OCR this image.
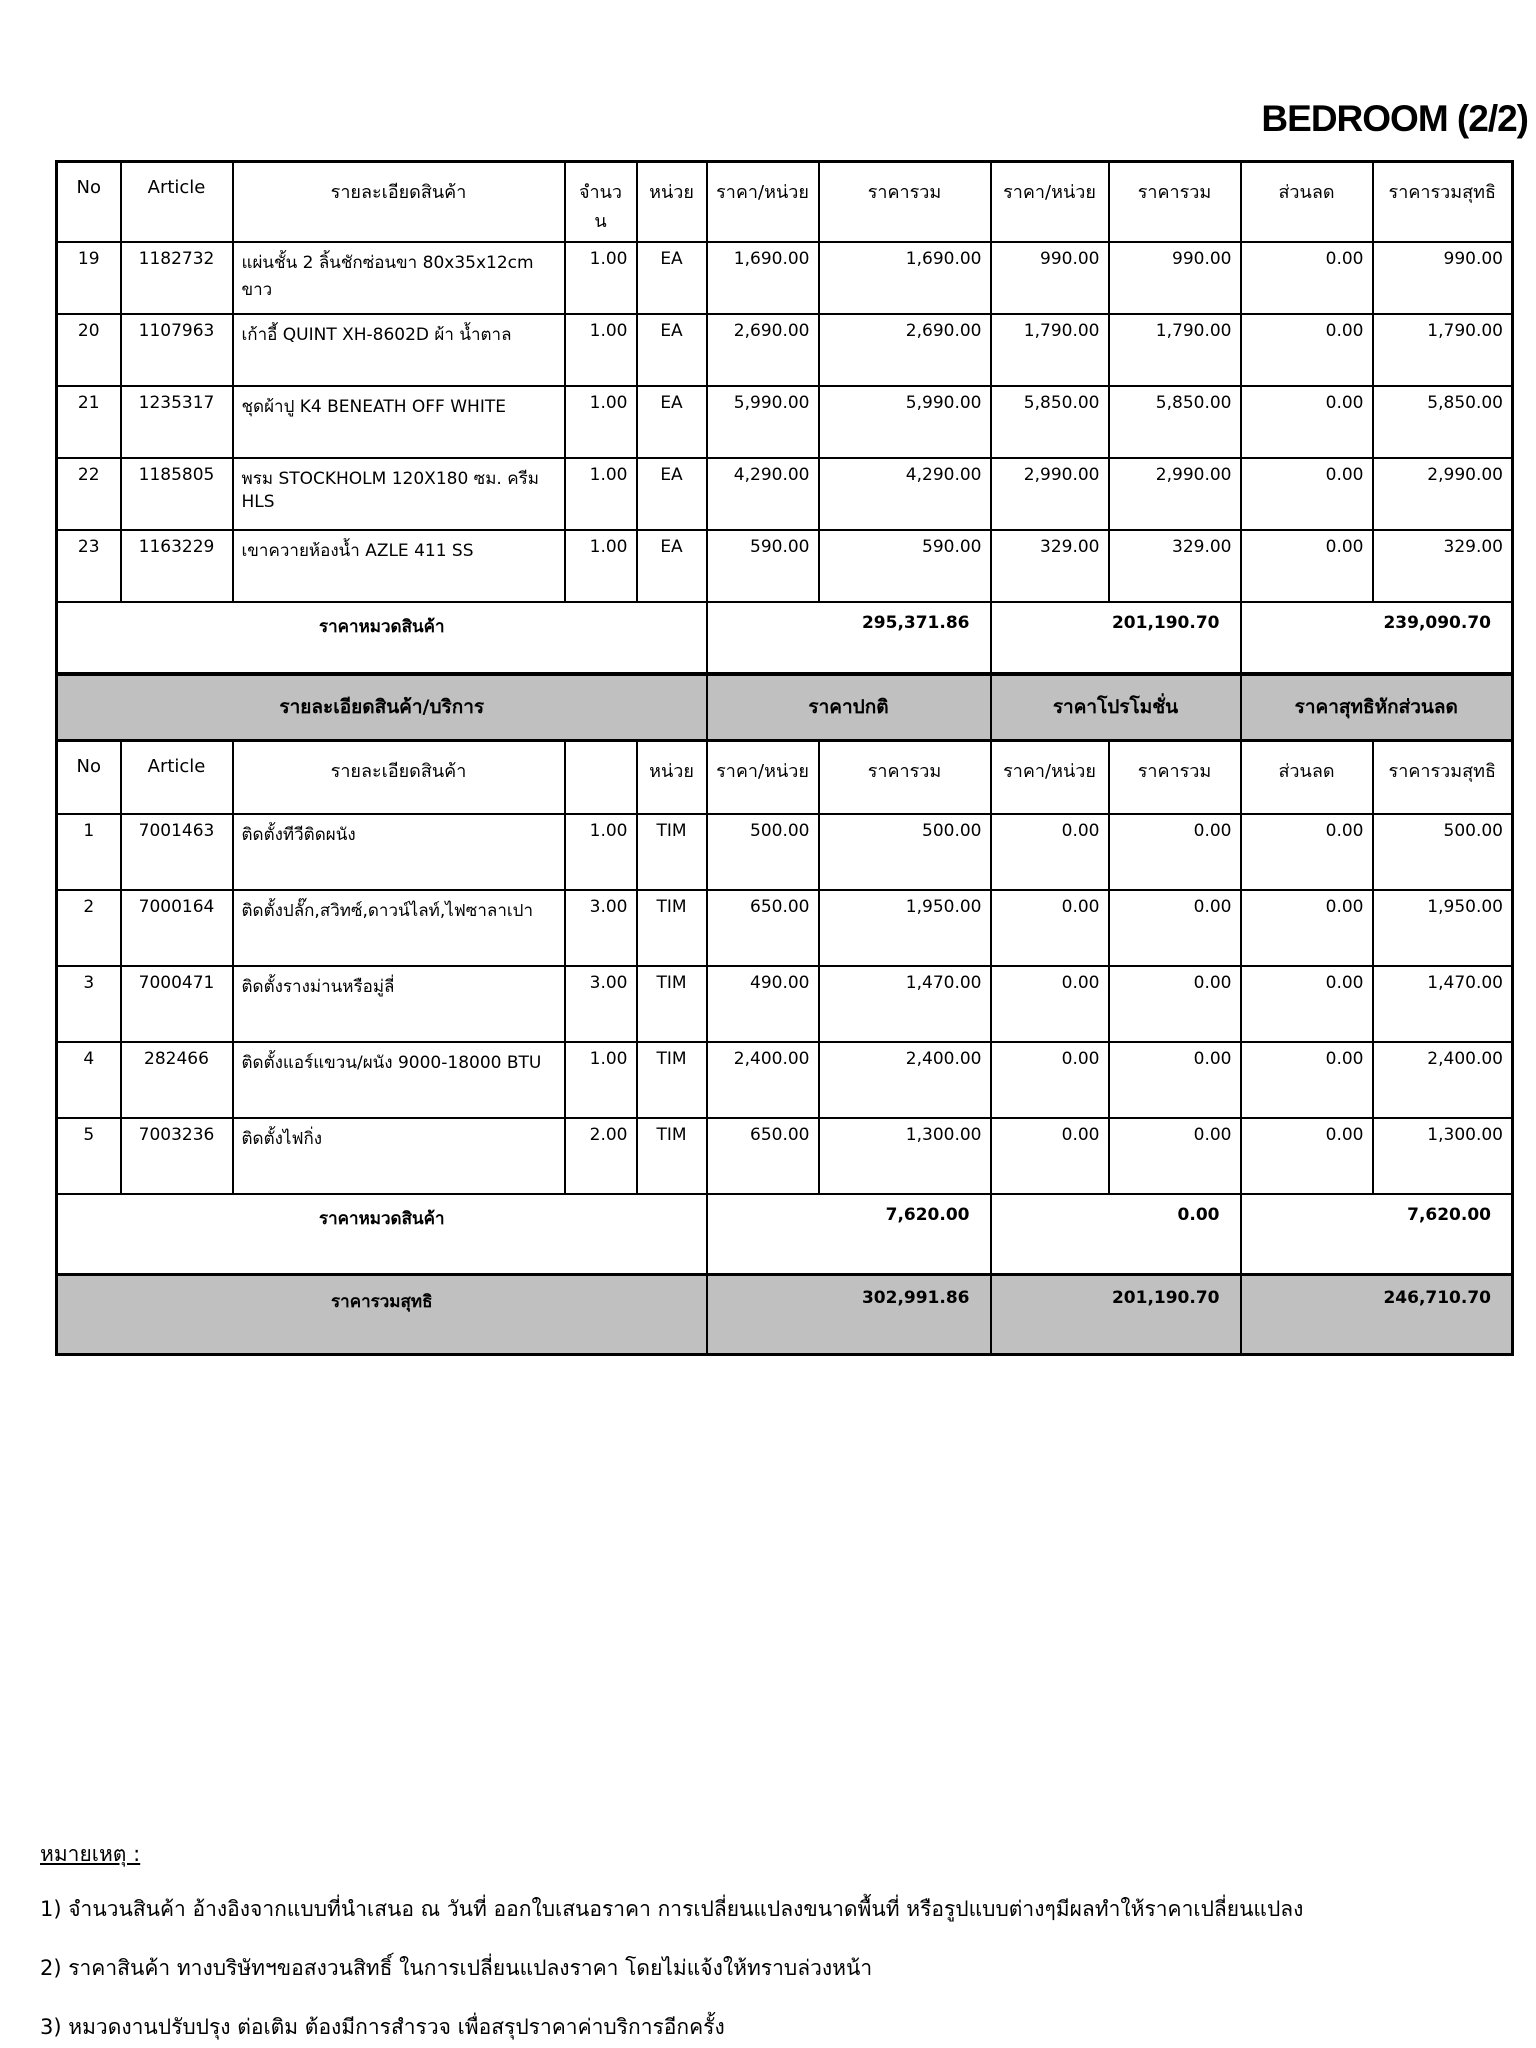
BEDROOM (2/2)
No	Article	รายละเอียดสินค้า	จำนวน	หน่วย	ราคา/หน่วย	ราคารวม	ราคา/หน่วย	ราคารวม	ส่วนลด	ราคารวมสุทธิ
19	1182732	แผ่นชั้น 2 ลิ้นชักซ่อนขา 80x35x12cm ขาว	1.00	EA	1,690.00	1,690.00	990.00	990.00	0.00	990.00
20	1107963	เก้าอี้ QUINT XH-8602D ผ้า น้ำตาล	1.00	EA	2,690.00	2,690.00	1,790.00	1,790.00	0.00	1,790.00
21	1235317	ชุดผ้าปู K4 BENEATH OFF WHITE	1.00	EA	5,990.00	5,990.00	5,850.00	5,850.00	0.00	5,850.00
22	1185805	พรม STOCKHOLM 120X180 ซม. ครีม HLS	1.00	EA	4,290.00	4,290.00	2,990.00	2,990.00	0.00	2,990.00
23	1163229	เขาควายห้องน้ำ AZLE 411 SS	1.00	EA	590.00	590.00	329.00	329.00	0.00	329.00
ราคาหมวดสินค้า					295,371.86		201,190.70		239,090.70	
รายละเอียดสินค้า/บริการ					ราคาปกติ		ราคาโปรโมชั่น		ราคาสุทธิหักส่วนลด	
No	Article	รายละเอียดสินค้า		หน่วย	ราคา/หน่วย	ราคารวม	ราคา/หน่วย	ราคารวม	ส่วนลด	ราคารวมสุทธิ
1	7001463	ติดตั้งทีวีติดผนัง	1.00	TIM	500.00	500.00	0.00	0.00	0.00	500.00
2	7000164	ติดตั้งปลั๊ก,สวิทซ์,ดาวน์ไลท์,ไฟซาลาเปา	3.00	TIM	650.00	1,950.00	0.00	0.00	0.00	1,950.00
3	7000471	ติดตั้งรางม่านหรือมู่ลี่	3.00	TIM	490.00	1,470.00	0.00	0.00	0.00	1,470.00
4	282466	ติดตั้งแอร์แขวน/ผนัง 9000-18000 BTU	1.00	TIM	2,400.00	2,400.00	0.00	0.00	0.00	2,400.00
5	7003236	ติดตั้งไฟกิ่ง	2.00	TIM	650.00	1,300.00	0.00	0.00	0.00	1,300.00
ราคาหมวดสินค้า					7,620.00		0.00		7,620.00	
ราคารวมสุทธิ					302,991.86		201,190.70		246,710.70	
หมายเหตุ :
1) จำนวนสินค้า อ้างอิงจากแบบที่นำเสนอ ณ วันที่ ออกใบเสนอราคา การเปลี่ยนแปลงขนาดพื้นที่ หรือรูปแบบต่างๆมีผลทำให้ราคาเปลี่ยนแปลง
2) ราคาสินค้า ทางบริษัทฯขอสงวนสิทธิ์ ในการเปลี่ยนแปลงราคา โดยไม่แจ้งให้ทราบล่วงหน้า
3) หมวดงานปรับปรุง ต่อเติม ต้องมีการสำรวจ เพื่อสรุปราคาค่าบริการอีกครั้ง
